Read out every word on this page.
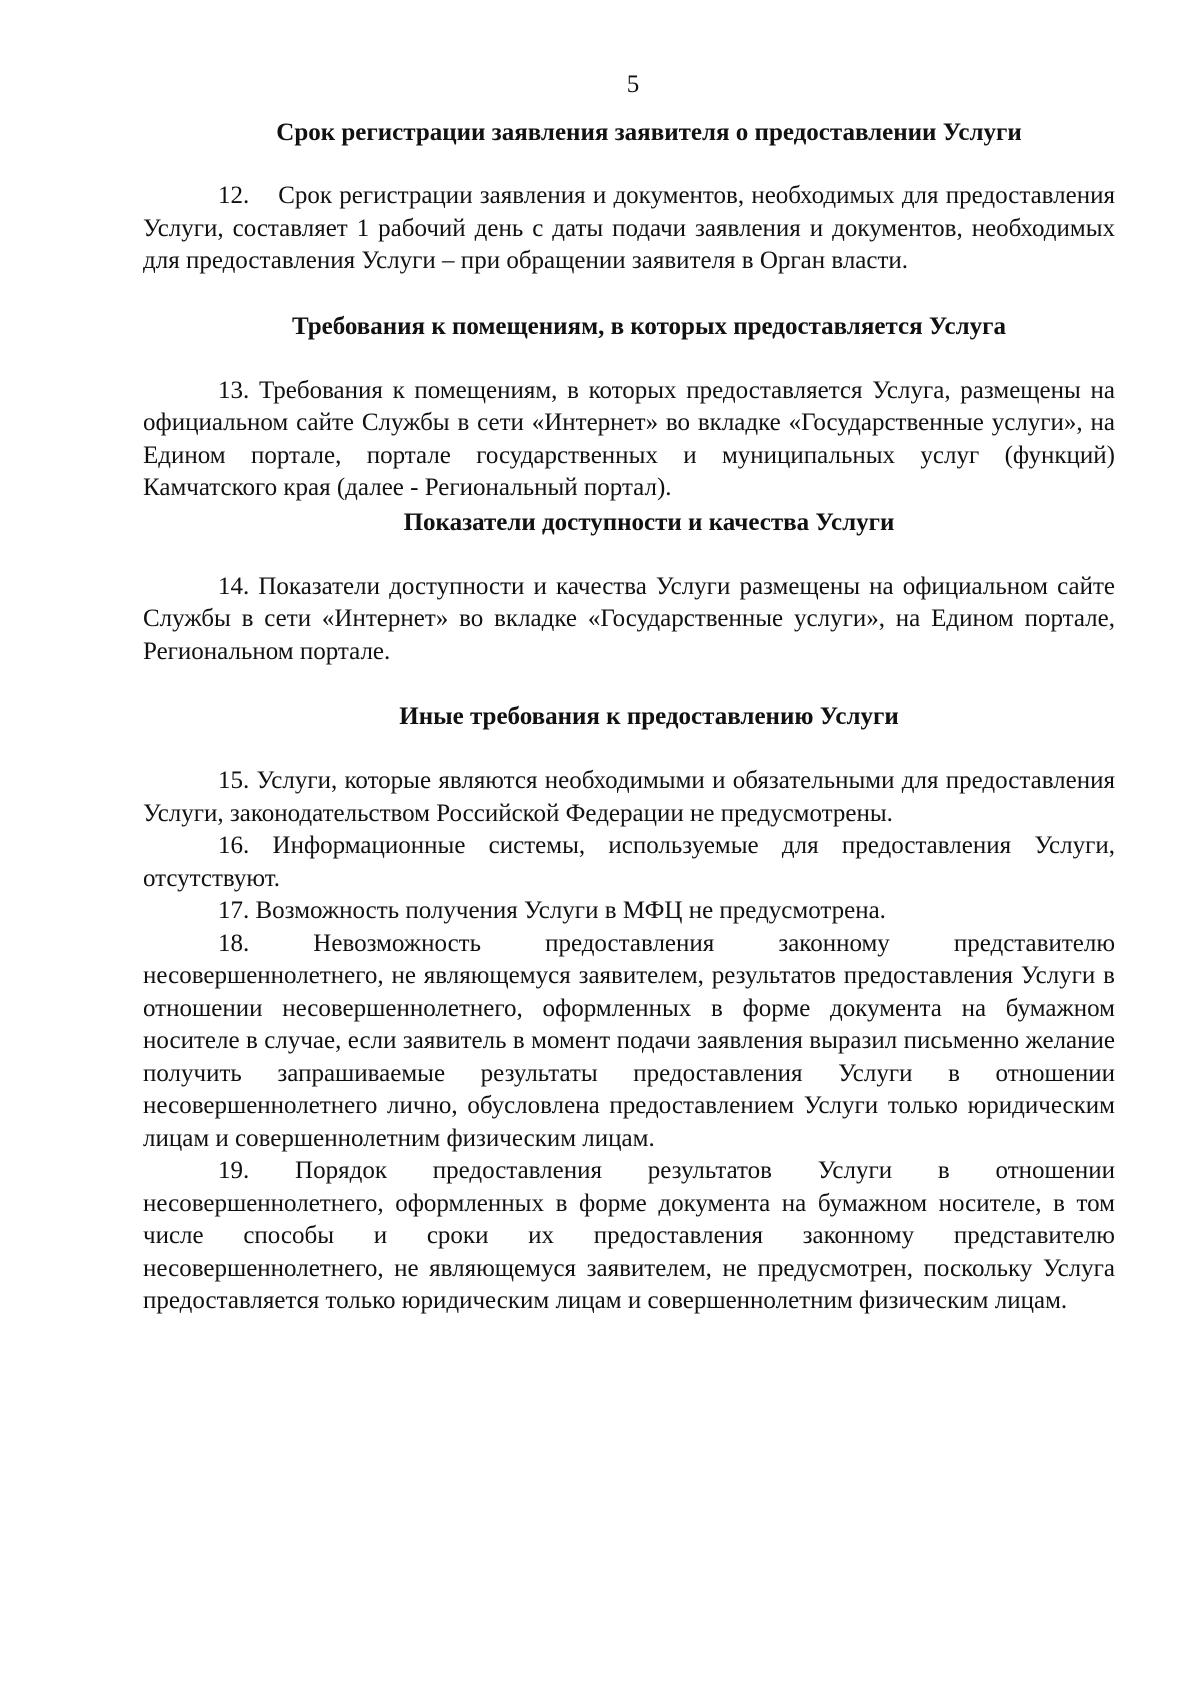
5

Срок регистрации заявления заявителя о предоставлении Услуги

12.    Срок регистрации заявления и документов, необходимых для предоставления Услуги, составляет 1 рабочий день с даты подачи заявления и документов, необходимых для предоставления Услуги – при обращении заявителя в Орган власти.

Требования к помещениям, в которых предоставляется Услуга

13. Требования к помещениям, в которых предоставляется Услуга, размещены на официальном сайте Службы в сети «Интернет» во вкладке «Государственные услуги», на Едином портале, портале государственных и муниципальных услуг (функций) Камчатского края (далее - Региональный портал).

Показатели доступности и качества Услуги

14. Показатели доступности и качества Услуги размещены на официальном сайте Службы в сети «Интернет» во вкладке «Государственные услуги», на Едином портале, Региональном портале.

Иные требования к предоставлению Услуги

15. Услуги, которые являются необходимыми и обязательными для предоставления Услуги, законодательством Российской Федерации не предусмотрены.

16. Информационные системы, используемые для предоставления Услуги, отсутствуют.

17. Возможность получения Услуги в МФЦ не предусмотрена.

18. Невозможность предоставления законному представителю несовершеннолетнего, не являющемуся заявителем, результатов предоставления Услуги в отношении несовершеннолетнего, оформленных в форме документа на бумажном носителе в случае, если заявитель в момент подачи заявления выразил письменно желание получить запрашиваемые результаты предоставления Услуги в отношении несовершеннолетнего лично, обусловлена предоставлением Услуги только юридическим лицам и совершеннолетним физическим лицам.

19. Порядок предоставления результатов Услуги в отношении несовершеннолетнего, оформленных в форме документа на бумажном носителе, в том числе способы и сроки их предоставления законному представителю несовершеннолетнего, не являющемуся заявителем, не предусмотрен, поскольку Услуга предоставляется только юридическим лицам и совершеннолетним физическим лицам.
